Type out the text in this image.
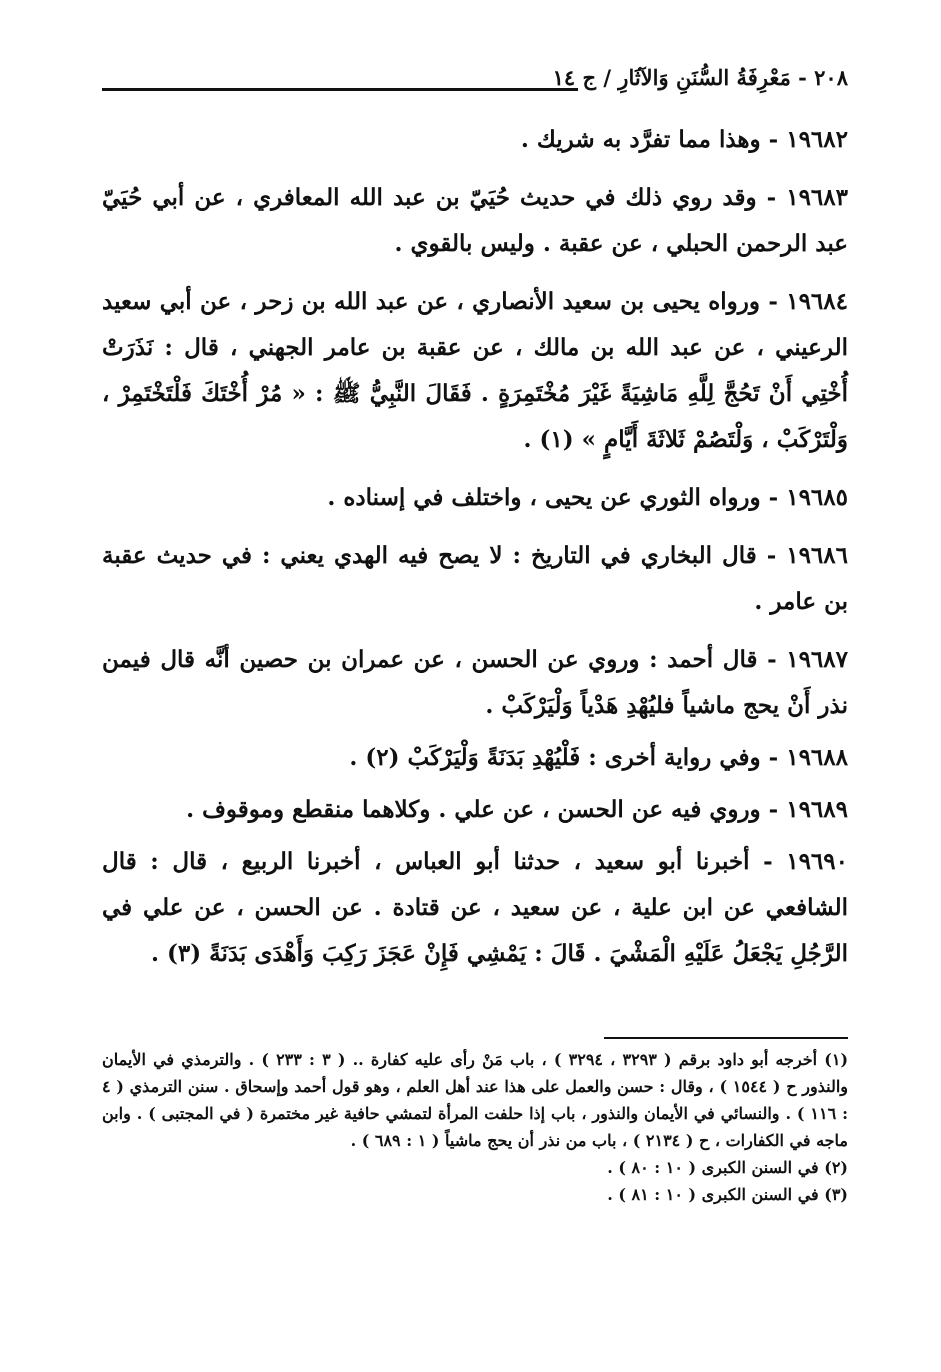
٢٠٨ - مَعْرِفَةُ السُّنَنِ وَالآثَارِ / ج ١٤

١٩٦٨٢ - وهذا مما تفرَّد به شريك .

١٩٦٨٣ - وقد روي ذلك في حديث حُيَيّ بن عبد الله المعافري ، عن أبي حُيَيّ عبد الرحمن الحبلي ، عن عقبة . وليس بالقوي .

١٩٦٨٤ - ورواه يحيى بن سعيد الأنصاري ، عن عبد الله بن زحر ، عن أبي سعيد الرعيني ، عن عبد الله بن مالك ، عن عقبة بن عامر الجهني ، قال : نَذَرَتْ أُخْتِي أَنْ تَحُجَّ لِلَّهِ مَاشِيَةً غَيْرَ مُخْتَمِرَةٍ . فَقَالَ النَّبِيُّ ﷺ : « مُرْ أُخْتَكَ فَلْتَخْتَمِرْ ، وَلْتَرْكَبْ ، وَلْتَصُمْ ثَلاثَةَ أَيَّامٍ » (١) .

١٩٦٨٥ - ورواه الثوري عن يحيى ، واختلف في إسناده .

١٩٦٨٦ - قال البخاري في التاريخ : لا يصح فيه الهدي يعني : في حديث عقبة بن عامر .

١٩٦٨٧ - قال أحمد : وروي عن الحسن ، عن عمران بن حصين أنَّه قال فيمن نذر أَنْ يحج ماشياً فليُهْدِ هَدْياً وَلْيَرْكَبْ .

١٩٦٨٨ - وفي رواية أخرى : فَلْيُهْدِ بَدَنَةً وَلْيَرْكَبْ (٢) .

١٩٦٨٩ - وروي فيه عن الحسن ، عن علي . وكلاهما منقطع وموقوف .

١٩٦٩٠ - أخبرنا أبو سعيد ، حدثنا أبو العباس ، أخبرنا الربيع ، قال : قال الشافعي عن ابن علية ، عن سعيد ، عن قتادة . عن الحسن ، عن علي في الرَّجُلِ يَجْعَلُ عَلَيْهِ الْمَشْيَ . قَالَ : يَمْشِي فَإِنْ عَجَزَ رَكِبَ وَأَهْدَى بَدَنَةً (٣) .

(١) أخرجه أبو داود برقم ( ٣٢٩٣ ، ٣٢٩٤ ) ، باب مَنْ رأى عليه كفارة .. ( ٣ : ٢٣٣ ) . والترمذي في الأيمان والنذور ح ( ١٥٤٤ ) ، وقال : حسن والعمل على هذا عند أهل العلم ، وهو قول أحمد وإسحاق . سنن الترمذي ( ٤ : ١١٦ ) . والنسائي في الأيمان والنذور ، باب إذا حلفت المرأة لتمشي حافية غير مختمرة ( في المجتبى ) . وابن ماجه في الكفارات ، ح ( ٢١٣٤ ) ، باب من نذر أن يحج ماشياً ( ١ : ٦٨٩ ) .

(٢) في السنن الكبرى ( ١٠ : ٨٠ ) .

(٣) في السنن الكبرى ( ١٠ : ٨١ ) .
